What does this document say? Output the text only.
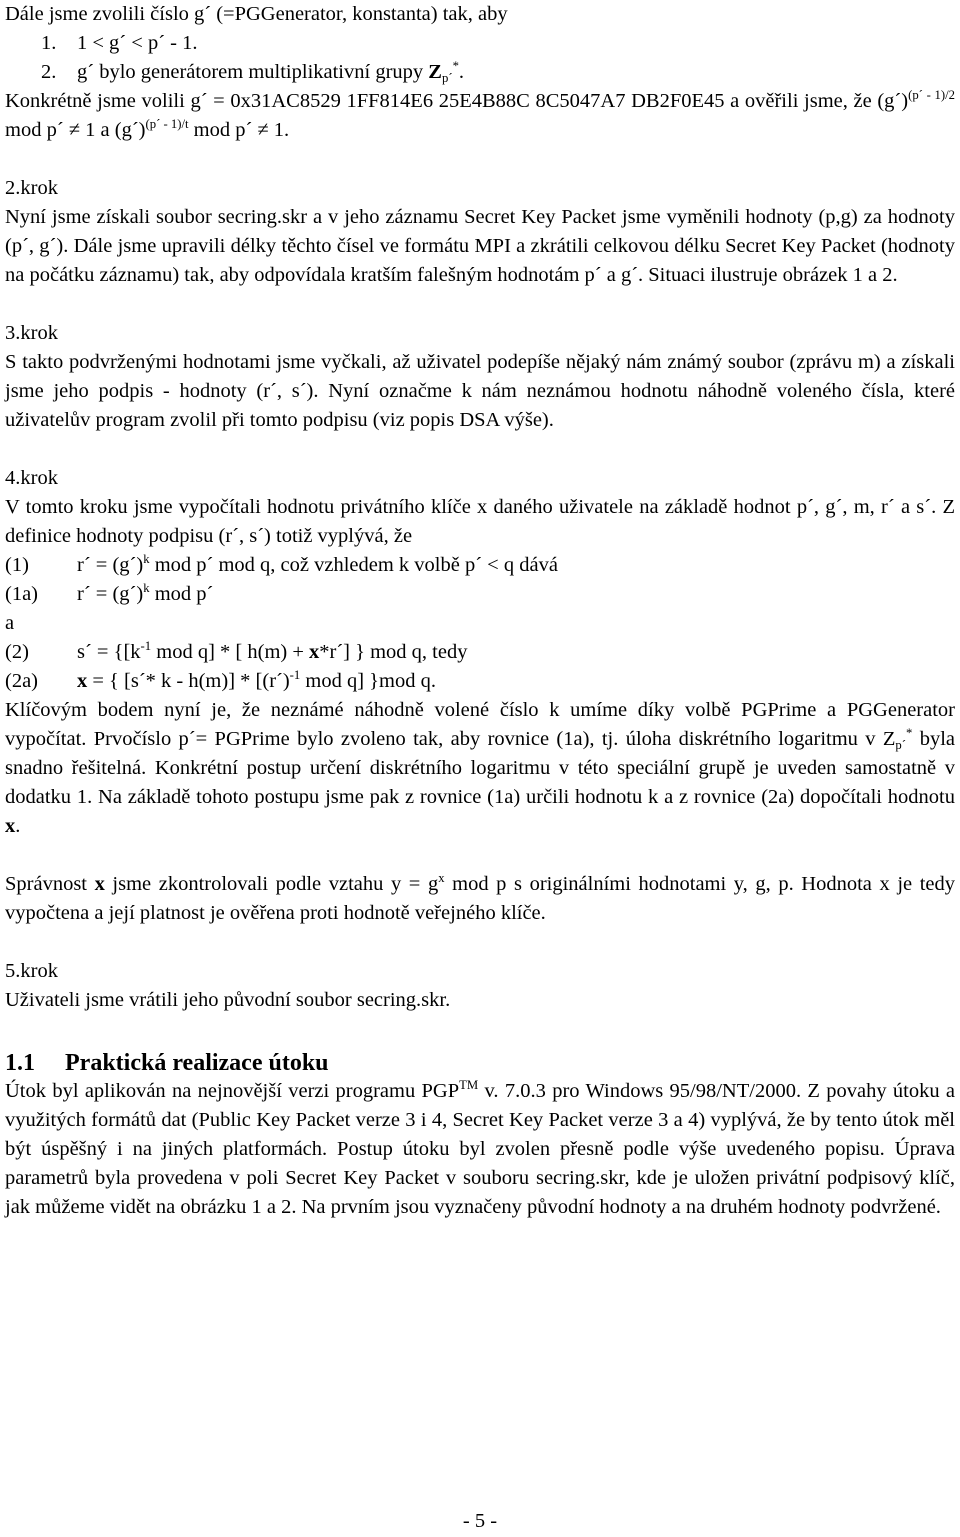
Dále jsme zvolili číslo g´ (=PGGenerator, konstanta) tak, aby

1.	1 < g´ < p´ - 1.
2.	g´ bylo generátorem multiplikativní grupy $Z_{p´}^*$.

Konkrétně jsme volili g´ = 0x31AC8529 1FF814E6 25E4B88C 8C5047A7 DB2F0E45 a ověřili jsme, že (g´)$^{(p´ - 1)/2}$ mod p´ ≠ 1 a (g´)$^{(p´ - 1)/t}$ mod p´ ≠ 1.

2.krok

Nyní jsme získali soubor secring.skr a v jeho záznamu Secret Key Packet jsme vyměnili hodnoty (p,g) za hodnoty (p´, g´). Dále jsme upravili délky těchto čísel ve formátu MPI a zkrátili celkovou délku Secret Key Packet (hodnoty na počátku záznamu) tak, aby odpovídala kratším falešným hodnotám p´ a g´. Situaci ilustruje obrázek 1 a 2.

3.krok

S takto podvrženými hodnotami jsme vyčkali, až uživatel podepíše nějaký nám známý soubor (zprávu m) a získali jsme jeho podpis - hodnoty (r´, s´). Nyní označme k nám neznámou hodnotu náhodně voleného čísla, které uživatelův program zvolil při tomto podpisu (viz popis DSA výše).

4.krok

V tomto kroku jsme vypočítali hodnotu privátního klíče x daného uživatele na základě hodnot p´, g´, m, r´ a s´. Z definice hodnoty podpisu (r´, s´) totiž vyplývá, že

(1)	r´ = (g´)$^k$ mod p´ mod q, což vzhledem k volbě p´ < q dává
(1a)	r´ = (g´)$^k$ mod p´

a

(2)	s´ = {[$k^{-1}$ mod q] * [ h(m) + x*r´] } mod q, tedy
(2a)	x = { [s´* k - h(m)] * [(r´)$^{-1}$ mod q] }mod q.

Klíčovým bodem nyní je, že neznámé náhodně volené číslo k umíme díky volbě PGPrime a PGGenerator vypočítat. Prvočíslo p´= PGPrime bylo zvoleno tak, aby rovnice (1a), tj. úloha diskrétního logaritmu v $Z_{p´}^*$ byla snadno řešitelná. Konkrétní postup určení diskrétního logaritmu v této speciální grupě je uveden samostatně v dodatku 1. Na základě tohoto postupu jsme pak z rovnice (1a) určili hodnotu k a z rovnice (2a) dopočítali hodnotu x.

Správnost x jsme zkontrolovali podle vztahu $y = g^x$ mod p s originálními hodnotami y, g, p. Hodnota x je tedy vypočtena a její platnost je ověřena proti hodnotě veřejného klíče.

5.krok

Uživateli jsme vrátili jeho původní soubor secring.skr.

1.1 Praktická realizace útoku

Útok byl aplikován na nejnovější verzi programu PGP™ v. 7.0.3 pro Windows 95/98/NT/2000. Z povahy útoku a využitých formátů dat (Public Key Packet verze 3 i 4, Secret Key Packet verze 3 a 4) vyplývá, že by tento útok měl být úspěšný i na jiných platformách. Postup útoku byl zvolen přesně podle výše uvedeného popisu. Úprava parametrů byla provedena v poli Secret Key Packet v souboru secring.skr, kde je uložen privátní podpisový klíč, jak můžeme vidět na obrázku 1 a 2. Na prvním jsou vyznačeny původní hodnoty a na druhém hodnoty podvržené.

- 5 -
